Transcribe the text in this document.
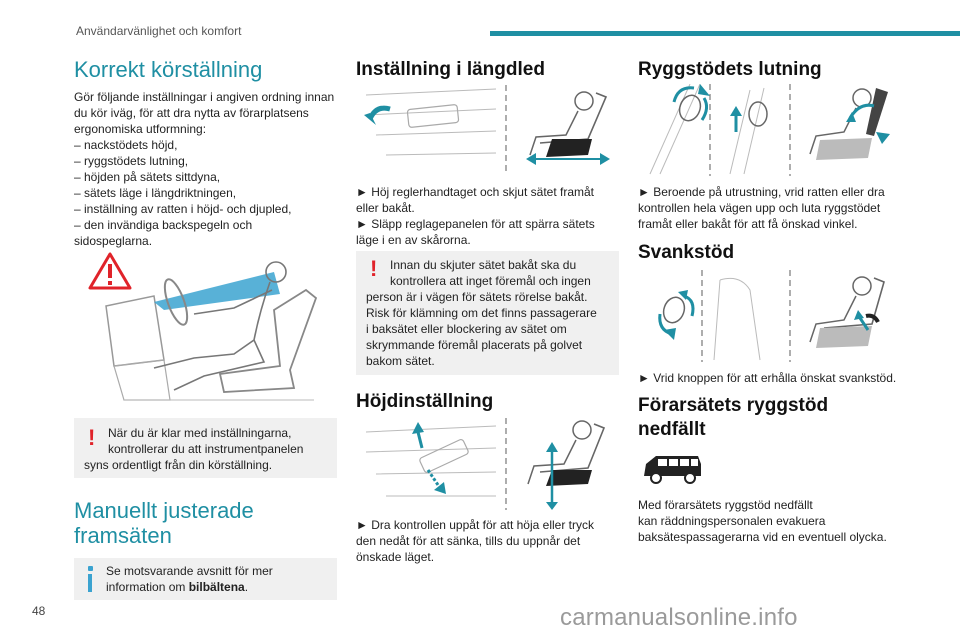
Användarvänlighet och komfort
Korrekt körställning
Gör följande inställningar i angiven ordning innan
du kör iväg, för att dra nytta av förarplatsens
ergonomiska utformning:
– nackstödets höjd,
– ryggstödets lutning,
– höjden på sätets sittdyna,
– sätets läge i längdriktningen,
– inställning av ratten i höjd- och djupled,
– den invändiga backspegeln och
sidospeglarna.
!	När du är klar med inställningarna,
kontrollerar du att instrumentpanelen
syns ordentligt från din körställning.
Manuellt justerade
framsäten
Se motsvarande avsnitt för mer
information om bilbältena.
Inställning i längdled
► Höj reglerhandtaget och skjut sätet framåt
eller bakåt.
► Släpp reglagepanelen för att spärra sätets
läge i en av skårorna.
!	Innan du skjuter sätet bakåt ska du
kontrollera att inget föremål och ingen
person är i vägen för sätets rörelse bakåt.
Risk för klämning om det finns passagerare
i baksätet eller blockering av sätet om
skrymmande föremål placerats på golvet
bakom sätet.
Höjdinställning
► Dra kontrollen uppåt för att höja eller tryck
den nedåt för att sänka, tills du uppnår det
önskade läget.
Ryggstödets lutning
► Beroende på utrustning, vrid ratten eller dra
kontrollen hela vägen upp och luta ryggstödet
framåt eller bakåt för att få önskad vinkel.
Svankstöd
► Vrid knoppen för att erhålla önskat svankstöd.
Förarsätets ryggstöd
nedfällt
Med förarsätets ryggstöd nedfällt
kan räddningspersonalen evakuera
baksätespassagerarna vid en eventuell olycka.
48	carmanualsonline.info
